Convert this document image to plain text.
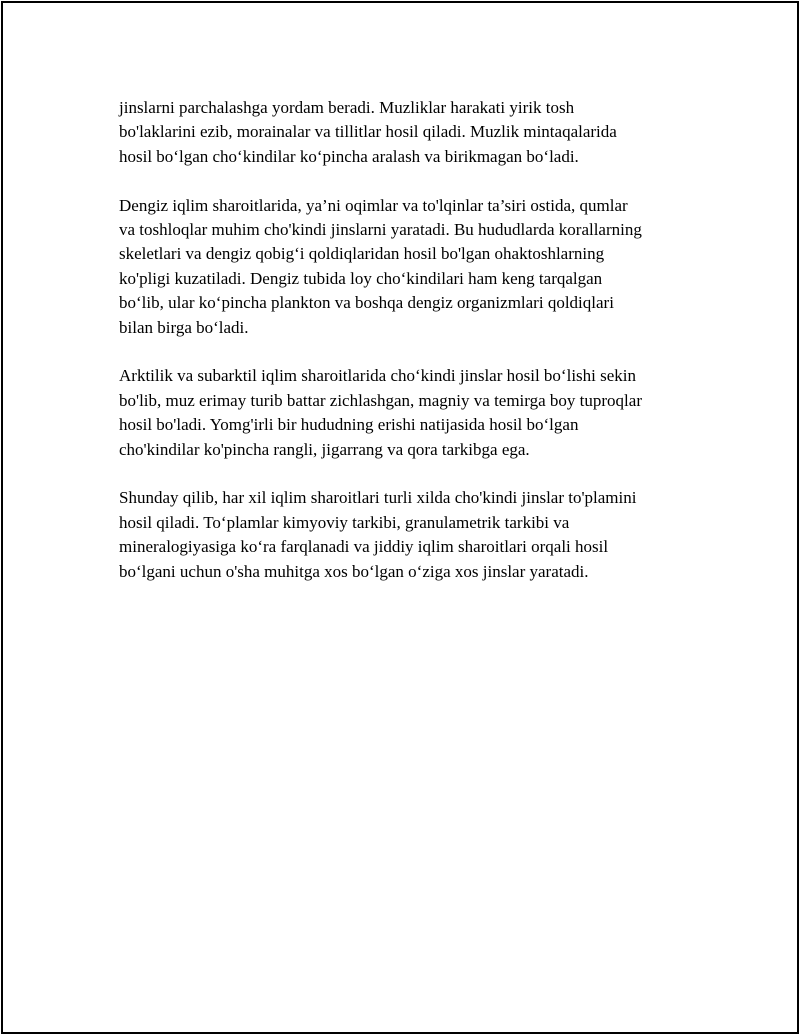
jinslarni parchalashga yordam beradi. Muzliklar harakati yirik tosh
bo'laklarini ezib, morainalar va tillitlar hosil qiladi. Muzlik mintaqalarida
hosil bo‘lgan cho‘kindilar ko‘pincha aralash va birikmagan bo‘ladi.

Dengiz iqlim sharoitlarida, ya’ni oqimlar va to'lqinlar ta’siri ostida, qumlar
va toshloqlar muhim cho'kindi jinslarni yaratadi. Bu hududlarda korallarning
skeletlari va dengiz qobig‘i qoldiqlaridan hosil bo'lgan ohaktoshlarning
ko'pligi kuzatiladi. Dengiz tubida loy cho‘kindilari ham keng tarqalgan
bo‘lib, ular ko‘pincha plankton va boshqa dengiz organizmlari qoldiqlari
bilan birga bo‘ladi.

Arktilik va subarktil iqlim sharoitlarida cho‘kindi jinslar hosil bo‘lishi sekin
bo'lib, muz erimay turib battar zichlashgan, magniy va temirga boy tuproqlar
hosil bo'ladi. Yomg'irli bir hududning erishi natijasida hosil bo‘lgan
cho'kindilar ko'pincha rangli, jigarrang va qora tarkibga ega.

Shunday qilib, har xil iqlim sharoitlari turli xilda cho'kindi jinslar to'plamini
hosil qiladi. To‘plamlar kimyoviy tarkibi, granulametrik tarkibi va
mineralogiyasiga ko‘ra farqlanadi va jiddiy iqlim sharoitlari orqali hosil
bo‘lgani uchun o'sha muhitga xos bo‘lgan o‘ziga xos jinslar yaratadi.
